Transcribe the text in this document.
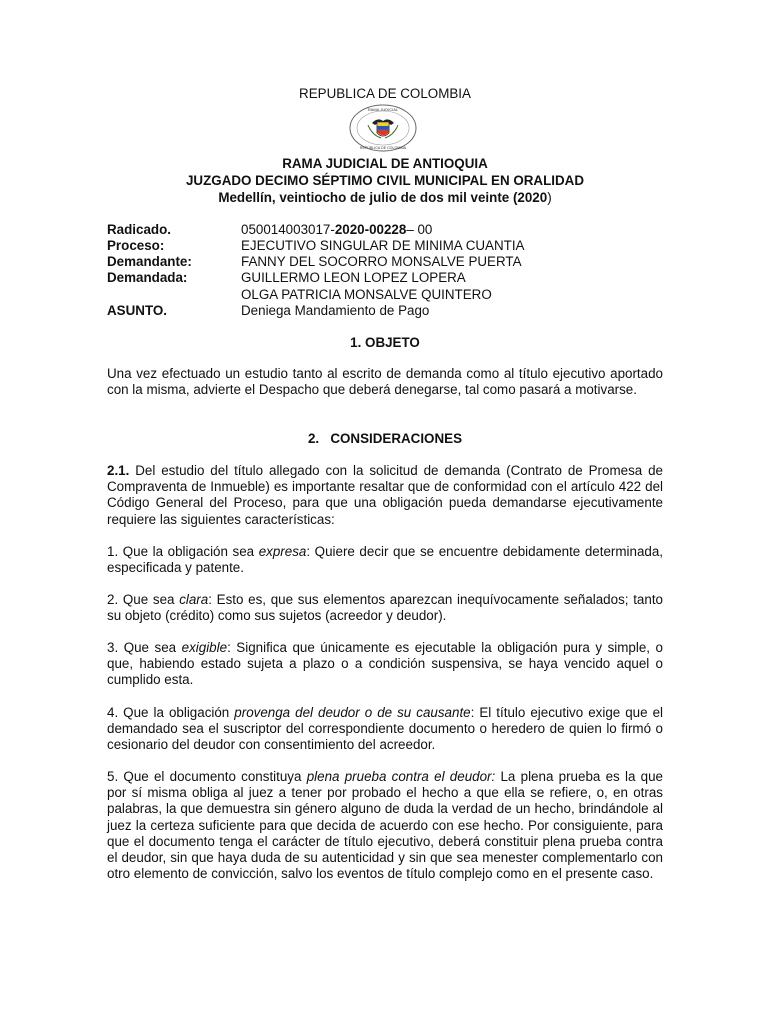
REPUBLICA DE COLOMBIA
RAMA JUDICIAL
REPÚBLICA DE COLOMBIA
RAMA JUDICIAL DE ANTIOQUIA
JUZGADO DECIMO SÉPTIMO CIVIL MUNICIPAL EN ORALIDAD
Medellín, veintiocho de julio de dos mil veinte (2020)
Radicado.	050014003017-2020-00228– 00
Proceso:	EJECUTIVO SINGULAR DE MINIMA CUANTIA
Demandante:	FANNY DEL SOCORRO MONSALVE PUERTA
Demandada:	GUILLERMO LEON LOPEZ LOPERA
OLGA PATRICIA MONSALVE QUINTERO
ASUNTO.	Deniega Mandamiento de Pago
1. OBJETO

Una vez efectuado un estudio tanto al escrito de demanda como al título ejecutivo aportado con la misma, advierte el Despacho que deberá denegarse, tal como pasará a motivarse.

2.   CONSIDERACIONES

2.1. Del estudio del título allegado con la solicitud de demanda (Contrato de Promesa de Compraventa de Inmueble) es importante resaltar que de conformidad con el artículo 422 del Código General del Proceso, para que una obligación pueda demandarse ejecutivamente requiere las siguientes características:

1. Que la obligación sea expresa: Quiere decir que se encuentre debidamente determinada, especificada y patente.

2. Que sea clara: Esto es, que sus elementos aparezcan inequívocamente señalados; tanto su objeto (crédito) como sus sujetos (acreedor y deudor).

3. Que sea exigible: Significa que únicamente es ejecutable la obligación pura y simple, o que, habiendo estado sujeta a plazo o a condición suspensiva, se haya vencido aquel o cumplido esta.

4. Que la obligación provenga del deudor o de su causante: El título ejecutivo exige que el demandado sea el suscriptor del correspondiente documento o heredero de quien lo firmó o cesionario del deudor con consentimiento del acreedor.

5. Que el documento constituya plena prueba contra el deudor: La plena prueba es la que por sí misma obliga al juez a tener por probado el hecho a que ella se refiere, o, en otras palabras, la que demuestra sin género alguno de duda la verdad de un hecho, brindándole al juez la certeza suficiente para que decida de acuerdo con ese hecho. Por consiguiente, para que el documento tenga el carácter de título ejecutivo, deberá constituir plena prueba contra el deudor, sin que haya duda de su autenticidad y sin que sea menester complementarlo con otro elemento de convicción, salvo los eventos de título complejo como en el presente caso.
